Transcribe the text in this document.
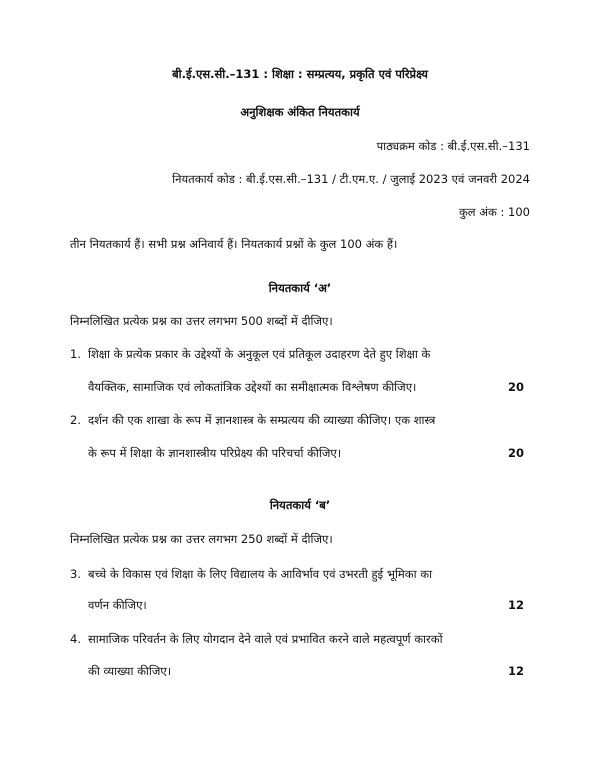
बी.ई.एस.सी.–131 : शिक्षा : सम्प्रत्यय, प्रकृति एवं परिप्रेक्ष्य
अनुशिक्षक अंकित नियतकार्य
पाठ्यक्रम कोड : बी.ई.एस.सी.–131
नियतकार्य कोड : बी.ई.एस.सी.–131 / टी.एम.ए. / जुलाई 2023 एवं जनवरी 2024
कुल अंक : 100
तीन नियतकार्य हैं। सभी प्रश्न अनिवार्य हैं। नियतकार्य प्रश्नों के कुल 100 अंक हैं।
नियतकार्य ‘अ’
निम्नलिखित प्रत्येक प्रश्न का उत्तर लगभग 500 शब्दों में दीजिए।
1. शिक्षा के प्रत्येक प्रकार के उद्देश्यों के अनुकूल एवं प्रतिकूल उदाहरण देते हुए शिक्षा के
वैयक्तिक, सामाजिक एवं लोकतांत्रिक उद्देश्यों का समीक्षात्मक विश्लेषण कीजिए।	20
2. दर्शन की एक शाखा के रूप में ज्ञानशास्त्र के सम्प्रत्यय की व्याख्या कीजिए। एक शास्त्र
के रूप में शिक्षा के ज्ञानशास्त्रीय परिप्रेक्ष्य की परिचर्चा कीजिए।	20
नियतकार्य ‘ब’
निम्नलिखित प्रत्येक प्रश्न का उत्तर लगभग 250 शब्दों में दीजिए।
3. बच्चे के विकास एवं शिक्षा के लिए विद्यालय के आविर्भाव एवं उभरती हुई भूमिका का
वर्णन कीजिए।	12
4. सामाजिक परिवर्तन के लिए योगदान देने वाले एवं प्रभावित करने वाले महत्वपूर्ण कारकों
की व्याख्या कीजिए।	12
